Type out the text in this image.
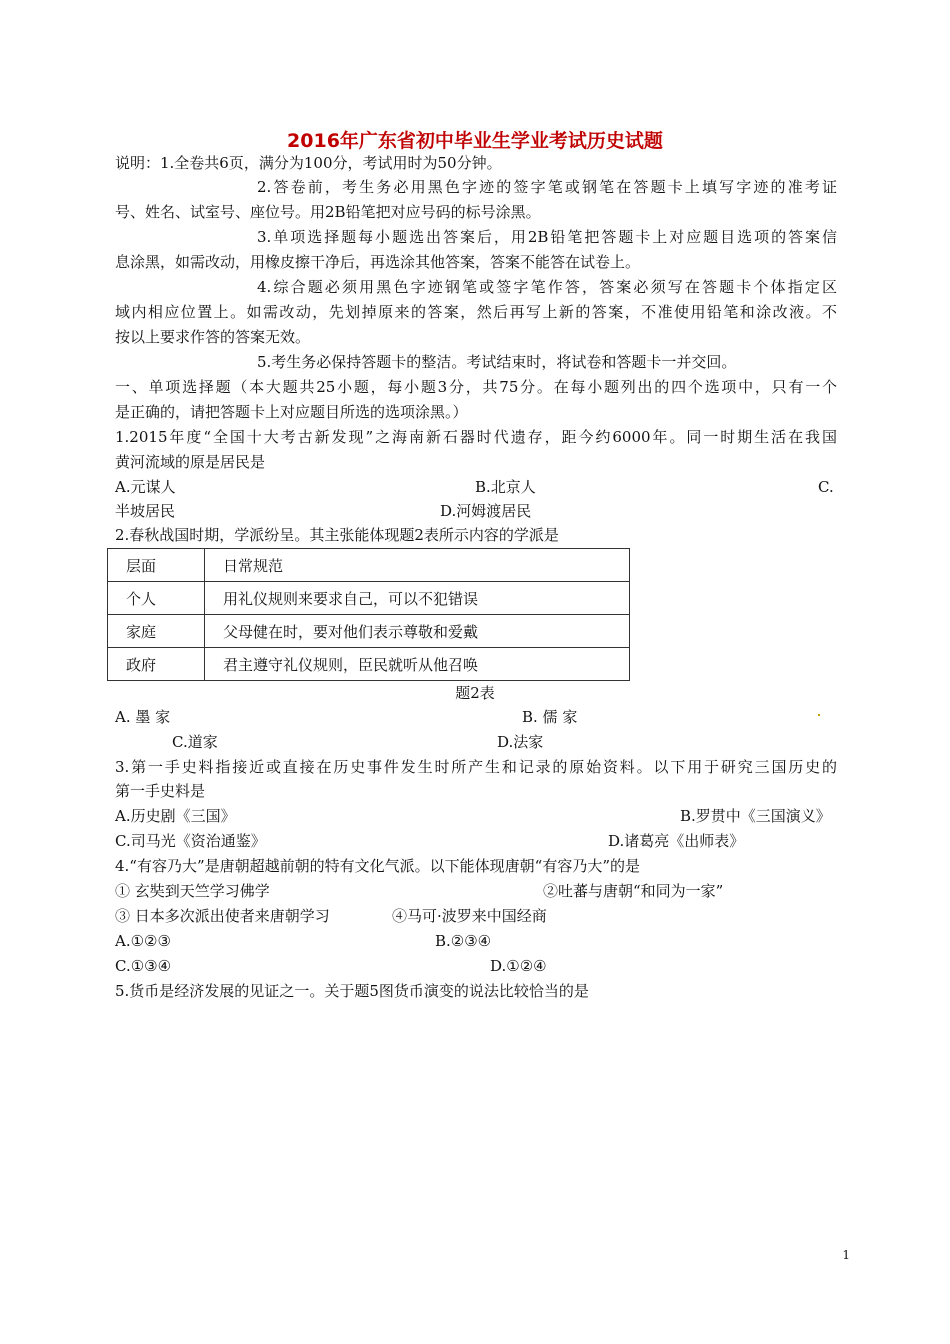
2016年广东省初中毕业生学业考试历史试题
说明：1.全卷共6页，满分为100分，考试用时为50分钟。
2.答卷前，考生务必用黑色字迹的签字笔或钢笔在答题卡上填写字迹的准考证
号、姓名、试室号、座位号。用2B铅笔把对应号码的标号涂黑。
3.单项选择题每小题选出答案后，用2B铅笔把答题卡上对应题目选项的答案信
息涂黑，如需改动，用橡皮擦干净后，再选涂其他答案，答案不能答在试卷上。
4.综合题必须用黑色字迹钢笔或签字笔作答，答案必须写在答题卡个体指定区
域内相应位置上。如需改动，先划掉原来的答案，然后再写上新的答案，不准使用铅笔和涂改液。不
按以上要求作答的答案无效。
5.考生务必保持答题卡的整洁。考试结束时，将试卷和答题卡一并交回。
一、单项选择题（本大题共25小题，每小题3分，共75分。在每小题列出的四个选项中，只有一个
是正确的，请把答题卡上对应题目所选的选项涂黑。）
1.2015年度“全国十大考古新发现”之海南新石器时代遗存，距今约6000年。同一时期生活在我国
黄河流域的原是居民是
A.元谋人	B.北京人	C.
半坡居民	D.河姆渡居民
2.春秋战国时期，学派纷呈。其主张能体现题2表所示内容的学派是
层面	日常规范
个人	用礼仪规则来要求自己，可以不犯错误
家庭	父母健在时，要对他们表示尊敬和爱戴
政府	君主遵守礼仪规则，臣民就听从他召唤
题2表
A. 墨 家	B. 儒 家
C.道家	D.法家
3.第一手史料指接近或直接在历史事件发生时所产生和记录的原始资料。以下用于研究三国历史的
第一手史料是
A.历史剧《三国》	B.罗贯中《三国演义》
C.司马光《资治通鉴》	D.诸葛亮《出师表》
4.“有容乃大”是唐朝超越前朝的特有文化气派。以下能体现唐朝“有容乃大”的是
① 玄奘到天竺学习佛学	②吐蕃与唐朝“和同为一家”
③ 日本多次派出使者来唐朝学习	④马可·波罗来中国经商
A.①②③	B.②③④
C.①③④	D.①②④
5.货币是经济发展的见证之一。关于题5图货币演变的说法比较恰当的是
1
